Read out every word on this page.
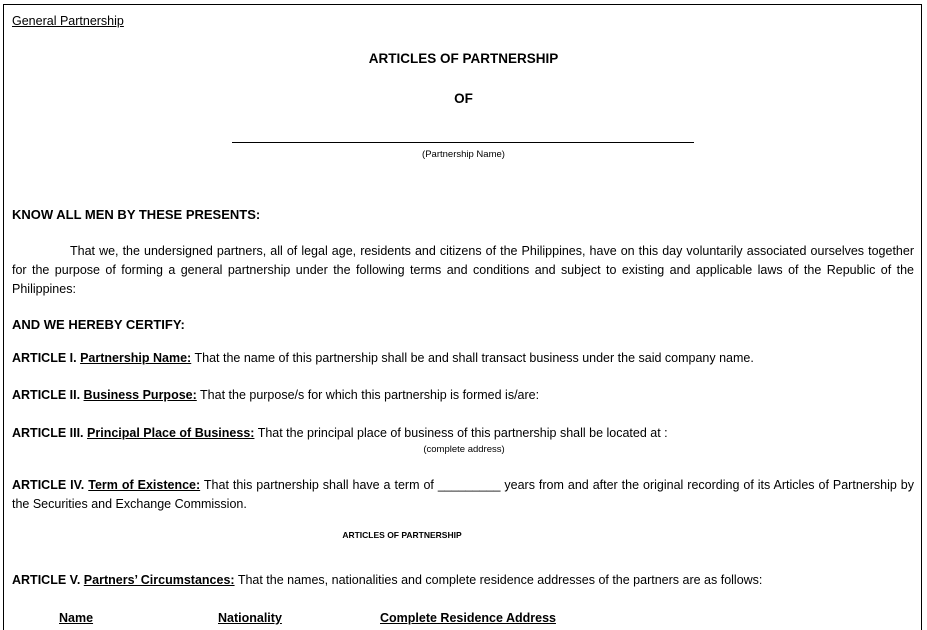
General Partnership
ARTICLES OF PARTNERSHIP
OF
(Partnership Name)
KNOW ALL MEN BY THESE PRESENTS:
That we, the undersigned partners, all of legal age, residents and citizens of the Philippines, have on this day voluntarily associated ourselves together for the purpose of forming a general partnership under the following terms and conditions and subject to existing and applicable laws of the Republic of the Philippines:
AND WE HEREBY CERTIFY:
ARTICLE I. Partnership Name: That the name of this partnership shall be and shall transact business under the said company name.
ARTICLE II. Business Purpose: That the purpose/s for which this partnership is formed is/are:
ARTICLE III. Principal Place of Business: That the principal place of business of this partnership shall be located at :
(complete address)
ARTICLE IV. Term of Existence: That this partnership shall have a term of _________ years from and after the original recording of its Articles of Partnership by the Securities and Exchange Commission.
ARTICLES OF PARTNERSHIP
ARTICLE V. Partners’ Circumstances: That the names, nationalities and complete residence addresses of the partners are as follows:
Name	Nationality	Complete Residence Address
